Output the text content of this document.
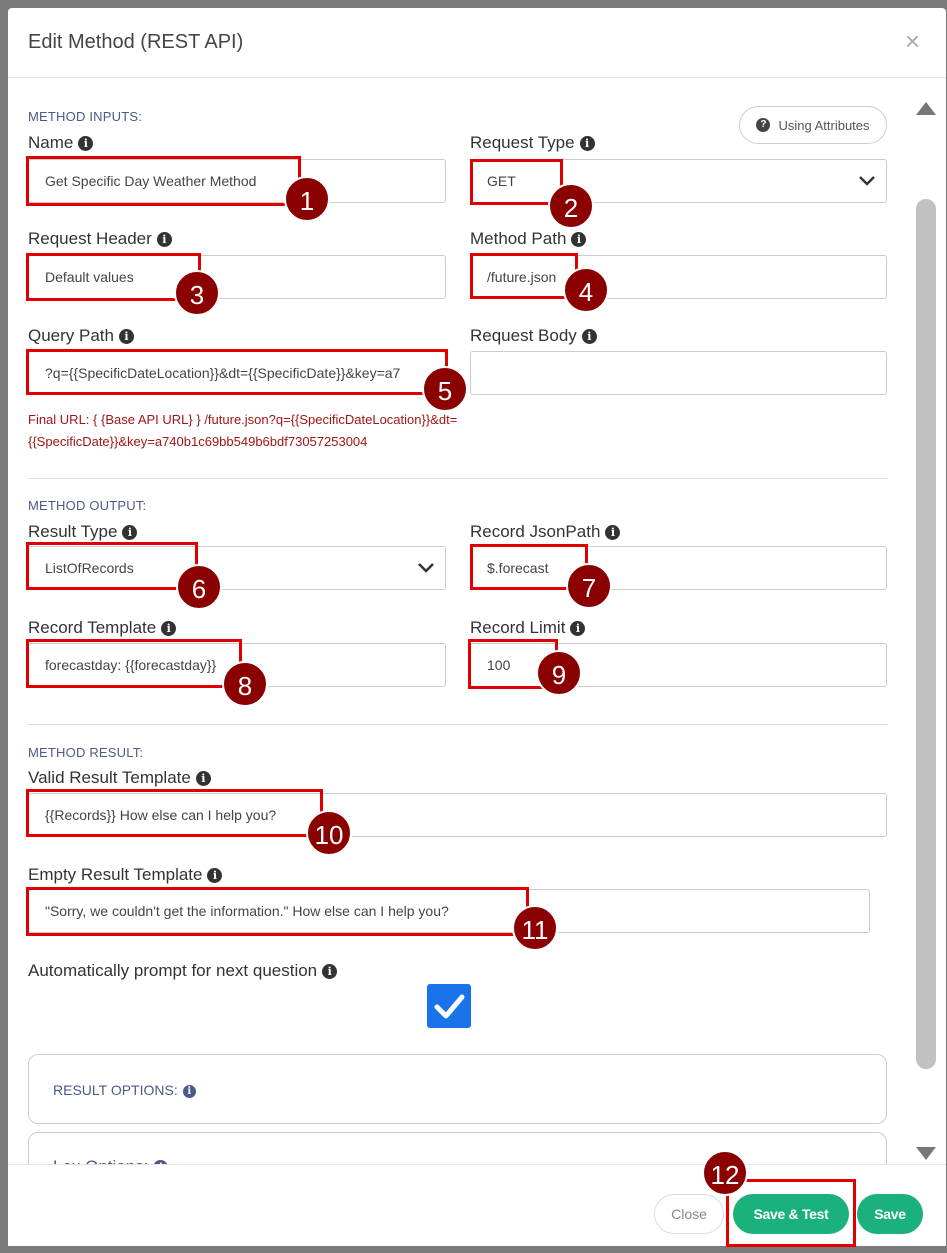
Edit Method (REST API)	×
METHOD INPUTS:
? Using Attributes
Name i
Get Specific Day Weather Method
Request Type i
GET
Request Header i
Default values
Method Path i
/future.json
Query Path i
?q={{SpecificDateLocation}}&dt={{SpecificDate}}&key=a7
Request Body i
Final URL: { {Base API URL} } /future.json?q={{SpecificDateLocation}}&dt=
{{SpecificDate}}&key=a740b1c69bb549b6bdf73057253004
METHOD OUTPUT:
Result Type i
ListOfRecords
Record JsonPath i
$.forecast
Record Template i
forecastday: {{forecastday}}
Record Limit i
100
METHOD RESULT:
Valid Result Template i
{{Records}} How else can I help you?
Empty Result Template i
"Sorry, we couldn't get the information." How else can I help you?
Automatically prompt for next question i
RESULT OPTIONS: i
1	2
3	4
5
6	7
8	9
10
11
Close	Save & Test	Save
12
